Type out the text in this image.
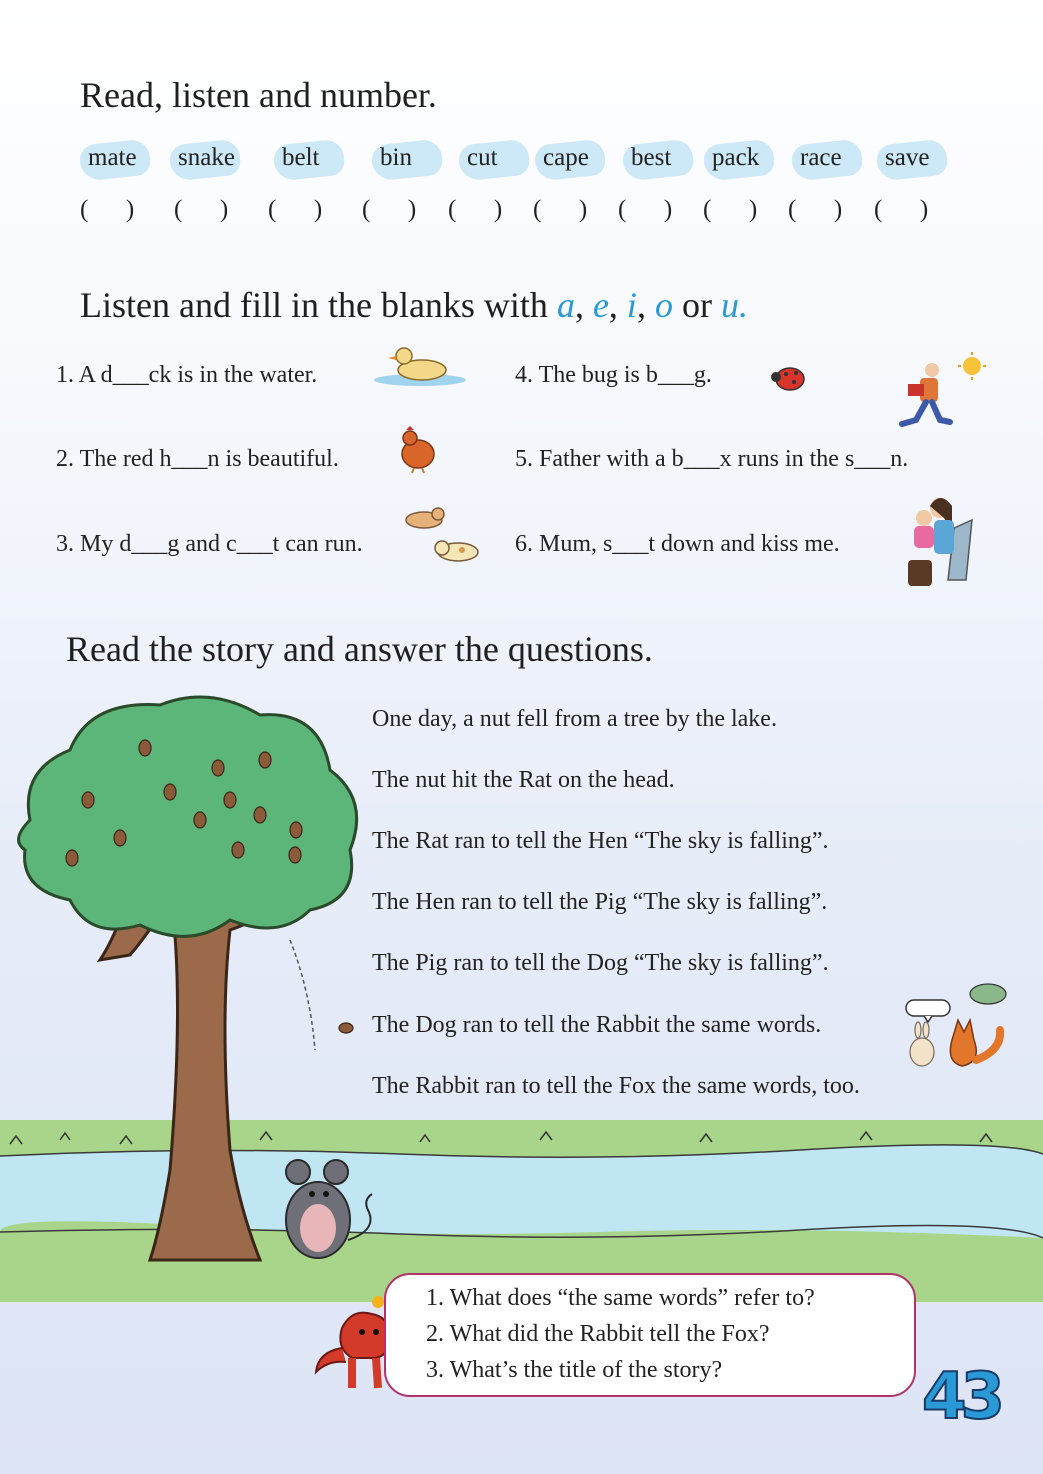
Read, listen and number.
mate snake belt bin cut cape best pack race save
(      ) (      ) (      ) (      ) (      ) (      ) (      ) (      ) (      ) (      )
Listen and fill in the blanks with a, e, i, o or u.
1. A d___ck is in the water.
2. The red h___n is beautiful.
3. My d___g and c___t can run.
4. The bug is b___g.
5. Father with a b___x runs in the s___n.
6. Mum, s___t down and kiss me.
Read the story and answer the questions.
One day, a nut fell from a tree by the lake.
The nut hit the Rat on the head.
The Rat ran to tell the Hen “The sky is falling”.
The Hen ran to tell the Pig “The sky is falling”.
The Pig ran to tell the Dog “The sky is falling”.
The Dog ran to tell the Rabbit the same words.
The Rabbit ran to tell the Fox the same words, too.
1. What does “the same words” refer to?
2. What did the Rabbit tell the Fox?
3. What’s the title of the story?	43
